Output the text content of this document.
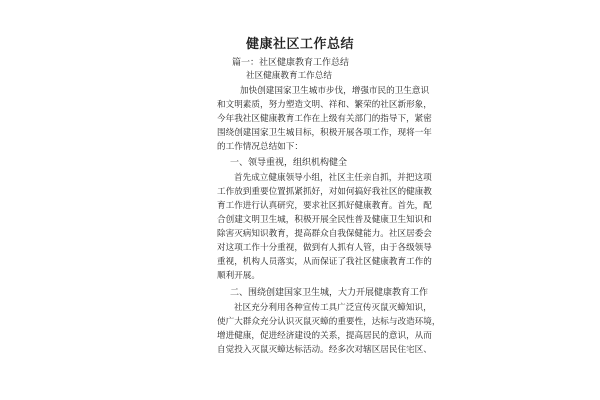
健康社区工作总结
篇一：社区健康教育工作总结
社区健康教育工作总结
加快创建国家卫生城市步伐，增强市民的卫生意识
和文明素质，努力塑造文明、祥和、繁荣的社区新形象，
今年我社区健康教育工作在上级有关部门的指导下，紧密
围绕创建国家卫生城目标，积极开展各项工作，现将一年
的工作情况总结如下：
一、领导重视，组织机构健全
首先成立健康领导小组，社区主任亲自抓，并把这项
工作放到重要位置抓紧抓好，对如何搞好我社区的健康教
育工作进行认真研究，要求社区抓好健康教育。首先，配
合创建文明卫生城，积极开展全民性普及健康卫生知识和
除害灭病知识教育，提高群众自我保健能力。社区居委会
对这项工作十分重视，做到有人抓有人管，由于各级领导
重视，机构人员落实，从而保证了我社区健康教育工作的
顺利开展。
二、围绕创建国家卫生城，大力开展健康教育工作
社区充分利用各种宣传工具广泛宣传灭鼠灭蟑知识，
使广大群众充分认识灭鼠灭蟑的重要性，达标与改造环境，
增进健康，促进经济建设的关系，提高居民的意识，从而
自觉投入灭鼠灭蟑达标活动。经多次对辖区居民住宅区、
